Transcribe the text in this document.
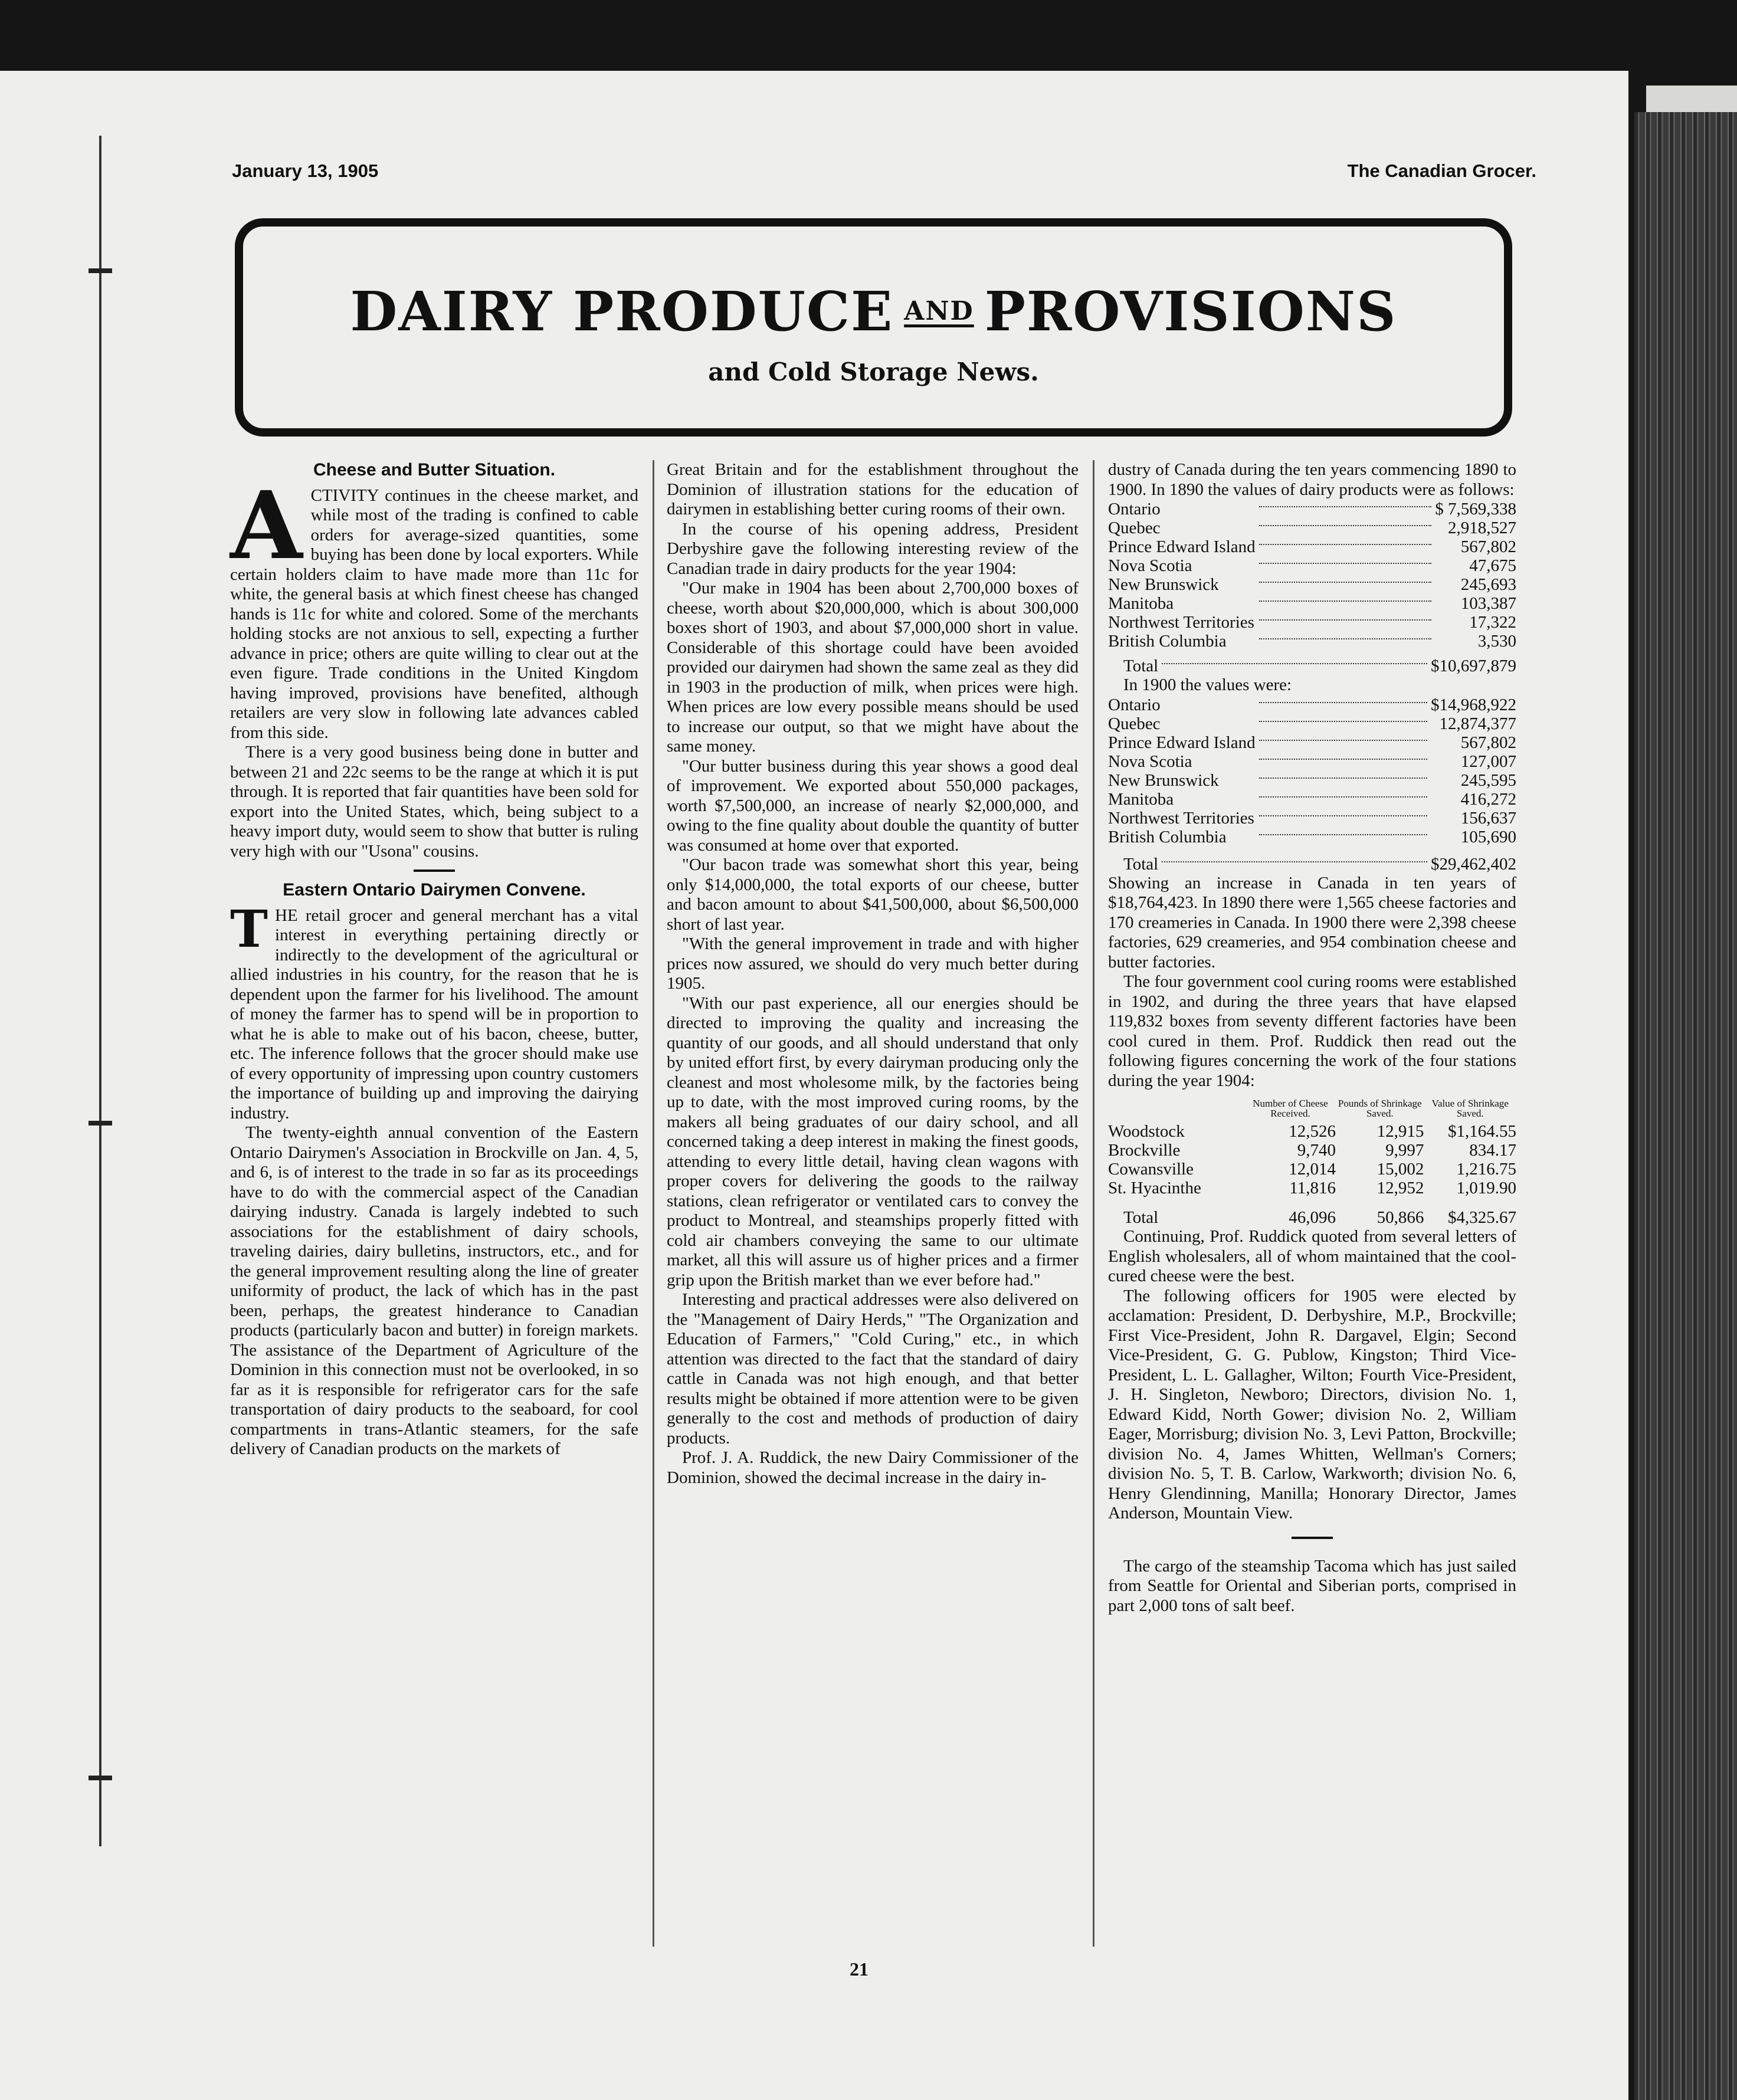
January 13, 1905	The Canadian Grocer.
DAIRY PRODUCE AND PROVISIONS
and Cold Storage News.
Cheese and Butter Situation.
A CTIVITY continues in the cheese market, and while most of the trading is confined to cable orders for average-sized quantities, some buying has been done by local exporters. While certain holders claim to have made more than 11c for white, the general basis at which finest cheese has changed hands is 11c for white and colored. Some of the merchants holding stocks are not anxious to sell, expecting a further advance in price; others are quite willing to clear out at the even figure. Trade conditions in the United Kingdom having improved, provisions have benefited, although retailers are very slow in following late advances cabled from this side.

There is a very good business being done in butter and between 21 and 22c seems to be the range at which it is put through. It is reported that fair quantities have been sold for export into the United States, which, being subject to a heavy import duty, would seem to show that butter is ruling very high with our "Usona" cousins.

Eastern Ontario Dairymen Convene.
T HE retail grocer and general merchant has a vital interest in everything pertaining directly or indirectly to the development of the agricultural or allied industries in his country, for the reason that he is dependent upon the farmer for his livelihood. The amount of money the farmer has to spend will be in proportion to what he is able to make out of his bacon, cheese, butter, etc. The inference follows that the grocer should make use of every opportunity of impressing upon country customers the importance of building up and improving the dairying industry.

The twenty-eighth annual convention of the Eastern Ontario Dairymen's Association in Brockville on Jan. 4, 5, and 6, is of interest to the trade in so far as its proceedings have to do with the commercial aspect of the Canadian dairying industry. Canada is largely indebted to such associations for the establishment of dairy schools, traveling dairies, dairy bulletins, instructors, etc., and for the general improvement resulting along the line of greater uniformity of product, the lack of which has in the past been, perhaps, the greatest hinderance to Canadian products (particularly bacon and butter) in foreign markets. The assistance of the Department of Agriculture of the Dominion in this connection must not be overlooked, in so far as it is responsible for refrigerator cars for the safe transportation of dairy products to the seaboard, for cool compartments in trans-Atlantic steamers, for the safe delivery of Canadian products on the markets of

Great Britain and for the establishment throughout the Dominion of illustration stations for the education of dairymen in establishing better curing rooms of their own.

In the course of his opening address, President Derbyshire gave the following interesting review of the Canadian trade in dairy products for the year 1904:

"Our make in 1904 has been about 2,700,000 boxes of cheese, worth about $20,000,000, which is about 300,000 boxes short of 1903, and about $7,000,000 short in value. Considerable of this shortage could have been avoided provided our dairymen had shown the same zeal as they did in 1903 in the production of milk, when prices were high. When prices are low every possible means should be used to increase our output, so that we might have about the same money.

"Our butter business during this year shows a good deal of improvement. We exported about 550,000 packages, worth $7,500,000, an increase of nearly $2,000,000, and owing to the fine quality about double the quantity of butter was consumed at home over that exported.

"Our bacon trade was somewhat short this year, being only $14,000,000, the total exports of our cheese, butter and bacon amount to about $41,500,000, about $6,500,000 short of last year.

"With the general improvement in trade and with higher prices now assured, we should do very much better during 1905.

"With our past experience, all our energies should be directed to improving the quality and increasing the quantity of our goods, and all should understand that only by united effort first, by every dairyman producing only the cleanest and most wholesome milk, by the factories being up to date, with the most improved curing rooms, by the makers all being graduates of our dairy school, and all concerned taking a deep interest in making the finest goods, attending to every little detail, having clean wagons with proper covers for delivering the goods to the railway stations, clean refrigerator or ventilated cars to convey the product to Montreal, and steamships properly fitted with cold air chambers conveying the same to our ultimate market, all this will assure us of higher prices and a firmer grip upon the British market than we ever before had."

Interesting and practical addresses were also delivered on the "Management of Dairy Herds," "The Organization and Education of Farmers," "Cold Curing," etc., in which attention was directed to the fact that the standard of dairy cattle in Canada was not high enough, and that better results might be obtained if more attention were to be given generally to the cost and methods of production of dairy products.

Prof. J. A. Ruddick, the new Dairy Commissioner of the Dominion, showed the decimal increase in the dairy in-

dustry of Canada during the ten years commencing 1890 to 1900. In 1890 the values of dairy products were as follows:

Ontario		$ 7,569,338
Quebec		2,918,527
Prince Edward Island		567,802
Nova Scotia		47,675
New Brunswick		245,693
Manitoba		103,387
Northwest Territories		17,322
British Columbia		3,530
Total		$10,697,879

In 1900 the values were:

Ontario		$14,968,922
Quebec		12,874,377
Prince Edward Island		567,802
Nova Scotia		127,007
New Brunswick		245,595
Manitoba		416,272
Northwest Territories		156,637
British Columbia		105,690
Total		$29,462,402

Showing an increase in Canada in ten years of $18,764,423. In 1890 there were 1,565 cheese factories and 170 creameries in Canada. In 1900 there were 2,398 cheese factories, 629 creameries, and 954 combination cheese and butter factories.

The four government cool curing rooms were established in 1902, and during the three years that have elapsed 119,832 boxes from seventy different factories have been cool cured in them. Prof. Ruddick then read out the following figures concerning the work of the four stations during the year 1904:

	Number of Cheese Received.	Pounds of Shrinkage Saved.	Value of Shrinkage Saved.
Woodstock	12,526	12,915	$1,164.55
Brockville	9,740	9,997	834.17
Cowansville	12,014	15,002	1,216.75
St. Hyacinthe	11,816	12,952	1,019.90

Total	46,096	50,866	$4,325.67

Continuing, Prof. Ruddick quoted from several letters of English wholesalers, all of whom maintained that the cool-cured cheese were the best.

The following officers for 1905 were elected by acclamation: President, D. Derbyshire, M.P., Brockville; First Vice-President, John R. Dargavel, Elgin; Second Vice-President, G. G. Publow, Kingston; Third Vice-President, L. L. Gallagher, Wilton; Fourth Vice-President, J. H. Singleton, Newboro; Directors, division No. 1, Edward Kidd, North Gower; division No. 2, William Eager, Morrisburg; division No. 3, Levi Patton, Brockville; division No. 4, James Whitten, Wellman's Corners; division No. 5, T. B. Carlow, Warkworth; division No. 6, Henry Glendinning, Manilla; Honorary Director, James Anderson, Mountain View.

The cargo of the steamship Tacoma which has just sailed from Seattle for Oriental and Siberian ports, comprised in part 2,000 tons of salt beef.

21
